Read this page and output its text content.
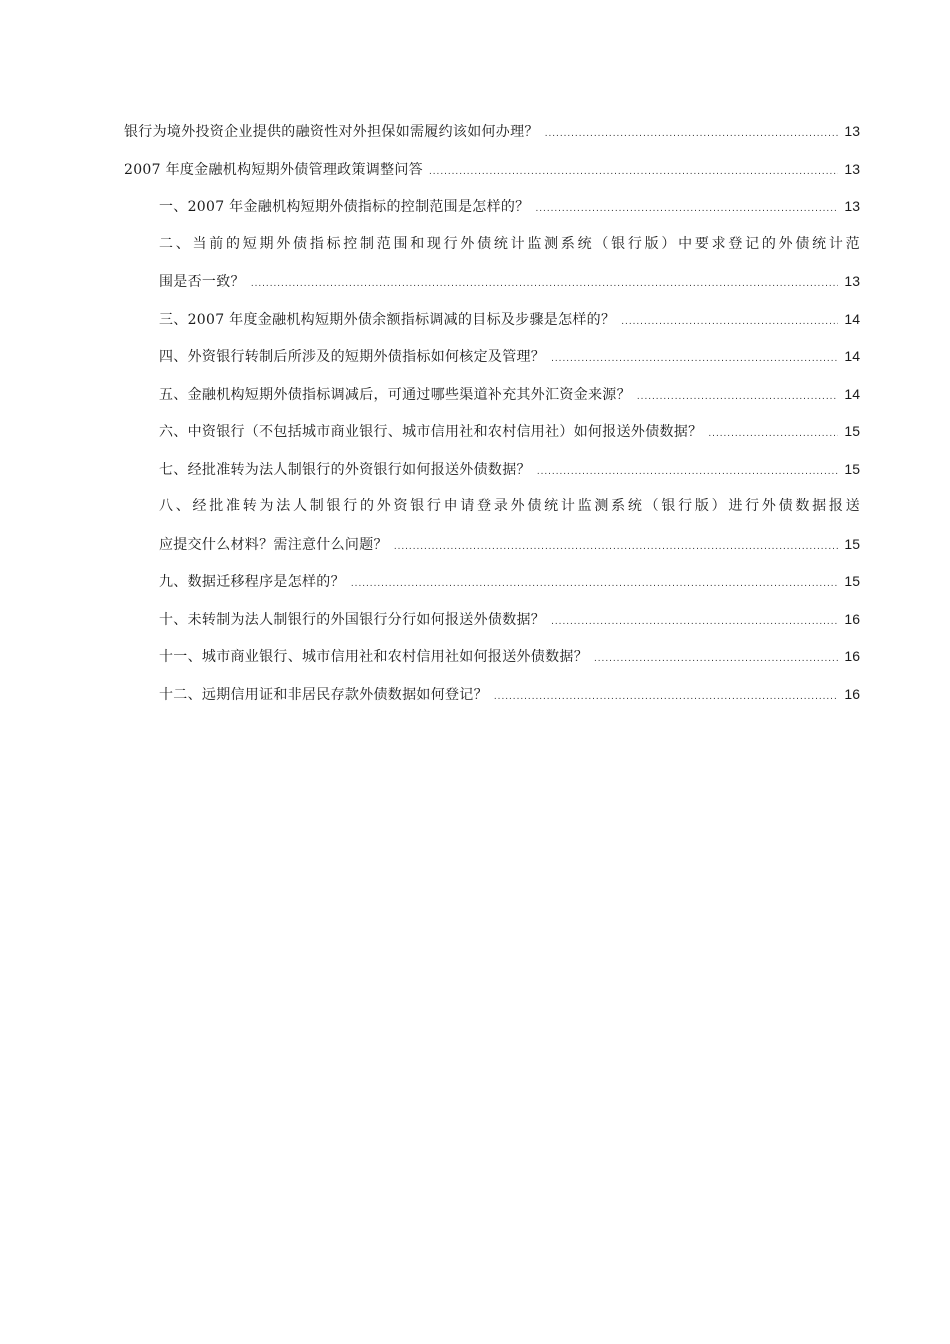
银行为境外投资企业提供的融资性对外担保如需履约该如何办理？ .....	13
2007 年度金融机构短期外债管理政策调整问答 .....	13
一、2007 年金融机构短期外债指标的控制范围是怎样的？ .....	13
二、当前的短期外债指标控制范围和现行外债统计监测系统（银行版）中要求登记的外债统计范
围是否一致？ .....	13
三、2007 年度金融机构短期外债余额指标调减的目标及步骤是怎样的？ .....	14
四、外资银行转制后所涉及的短期外债指标如何核定及管理？ .....	14
五、金融机构短期外债指标调减后，可通过哪些渠道补充其外汇资金来源？ .....	14
六、中资银行（不包括城市商业银行、城市信用社和农村信用社）如何报送外债数据？ .....	15
七、经批准转为法人制银行的外资银行如何报送外债数据？ .....	15
八、经批准转为法人制银行的外资银行申请登录外债统计监测系统（银行版）进行外债数据报送
应提交什么材料？需注意什么问题？ .....	15
九、数据迁移程序是怎样的？ .....	15
十、未转制为法人制银行的外国银行分行如何报送外债数据？ .....	16
十一、城市商业银行、城市信用社和农村信用社如何报送外债数据？ .....	16
十二、远期信用证和非居民存款外债数据如何登记？ .....	16
